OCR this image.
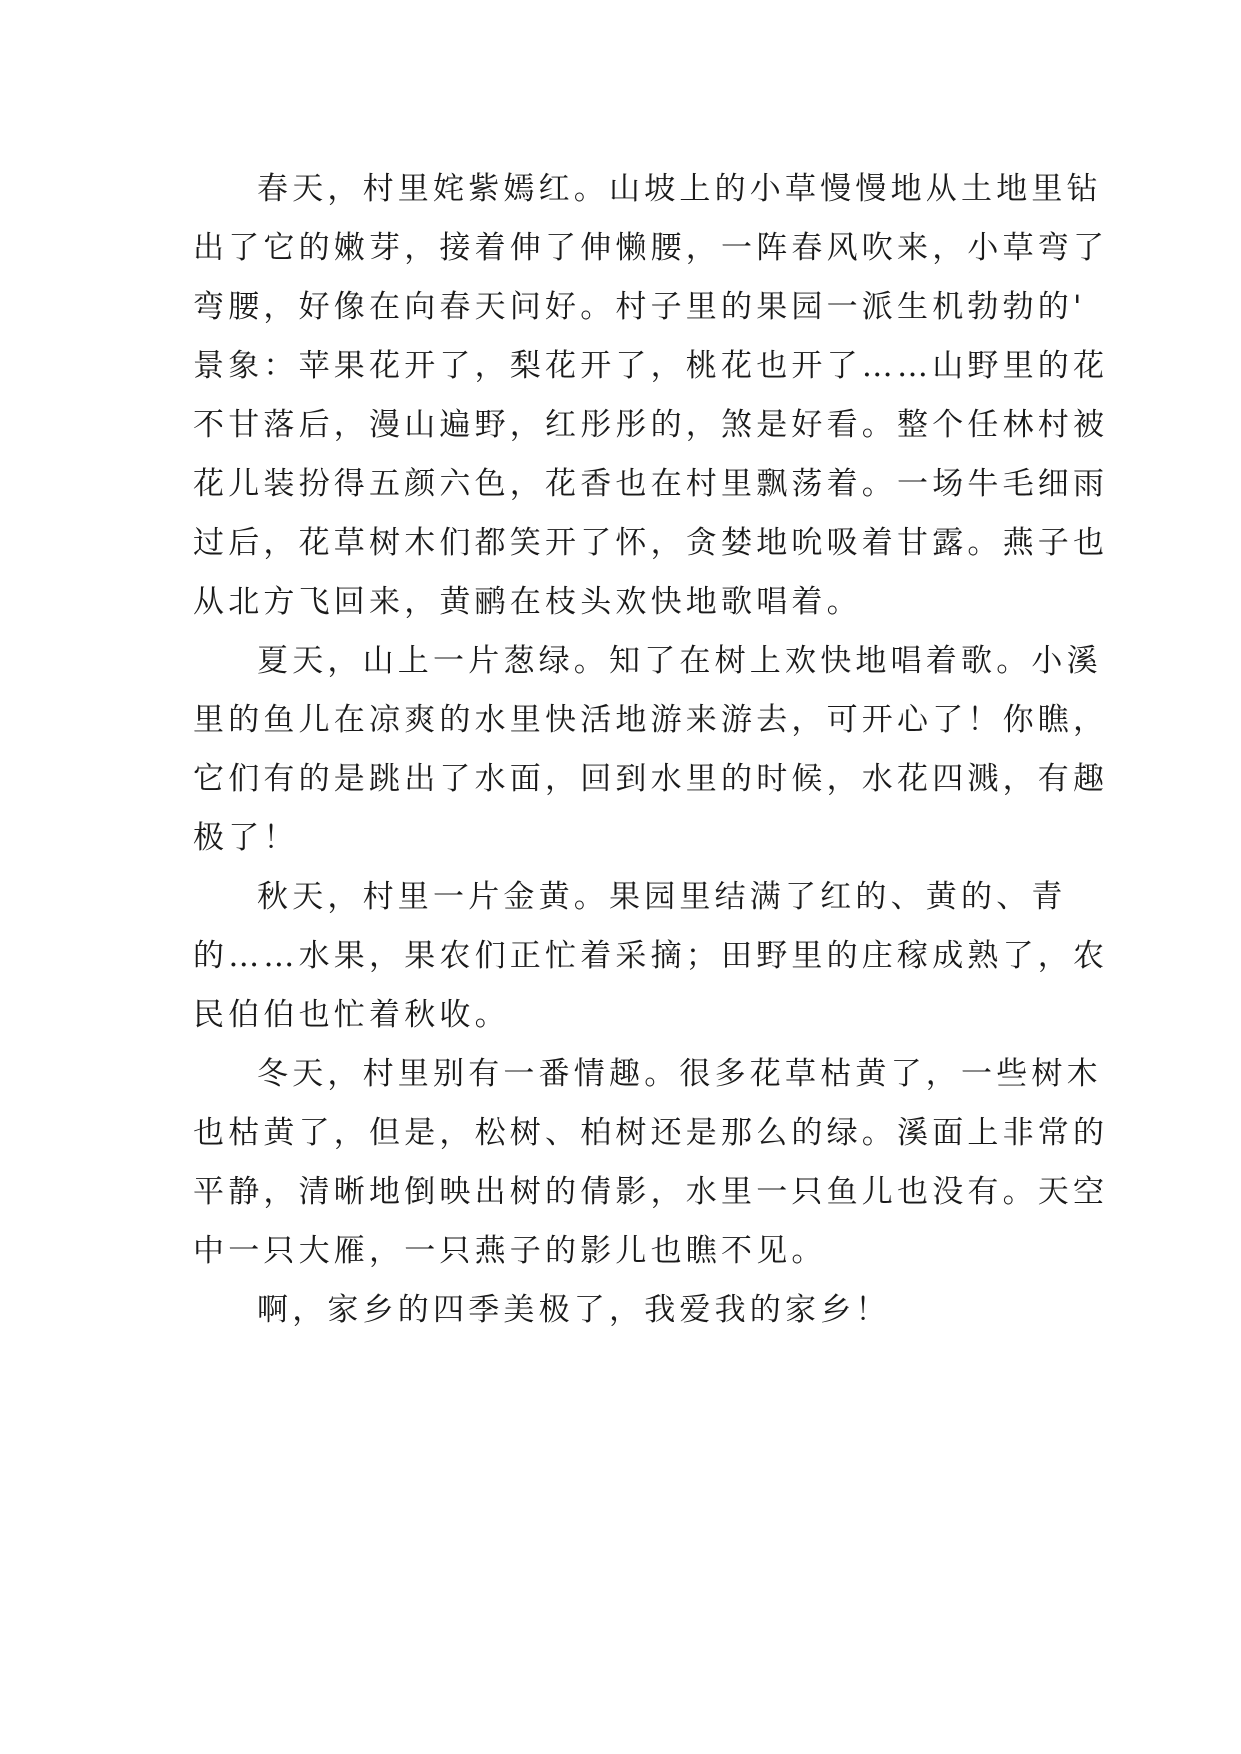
春天，村里姹紫嫣红。山坡上的小草慢慢地从土地里钻
出了它的嫩芽，接着伸了伸懒腰，一阵春风吹来，小草弯了
弯腰，好像在向春天问好。村子里的果园一派生机勃勃的'
景象：苹果花开了，梨花开了，桃花也开了……山野里的花
不甘落后，漫山遍野，红彤彤的，煞是好看。整个任林村被
花儿装扮得五颜六色，花香也在村里飘荡着。一场牛毛细雨
过后，花草树木们都笑开了怀，贪婪地吮吸着甘露。燕子也
从北方飞回来，黄鹂在枝头欢快地歌唱着。
夏天，山上一片葱绿。知了在树上欢快地唱着歌。小溪
里的鱼儿在凉爽的水里快活地游来游去，可开心了！你瞧，
它们有的是跳出了水面，回到水里的时候，水花四溅，有趣
极了！
秋天，村里一片金黄。果园里结满了红的、黄的、青
的……水果，果农们正忙着采摘；田野里的庄稼成熟了，农
民伯伯也忙着秋收。
冬天，村里别有一番情趣。很多花草枯黄了，一些树木
也枯黄了，但是，松树、柏树还是那么的绿。溪面上非常的
平静，清晰地倒映出树的倩影，水里一只鱼儿也没有。天空
中一只大雁，一只燕子的影儿也瞧不见。
啊，家乡的四季美极了，我爱我的家乡！
